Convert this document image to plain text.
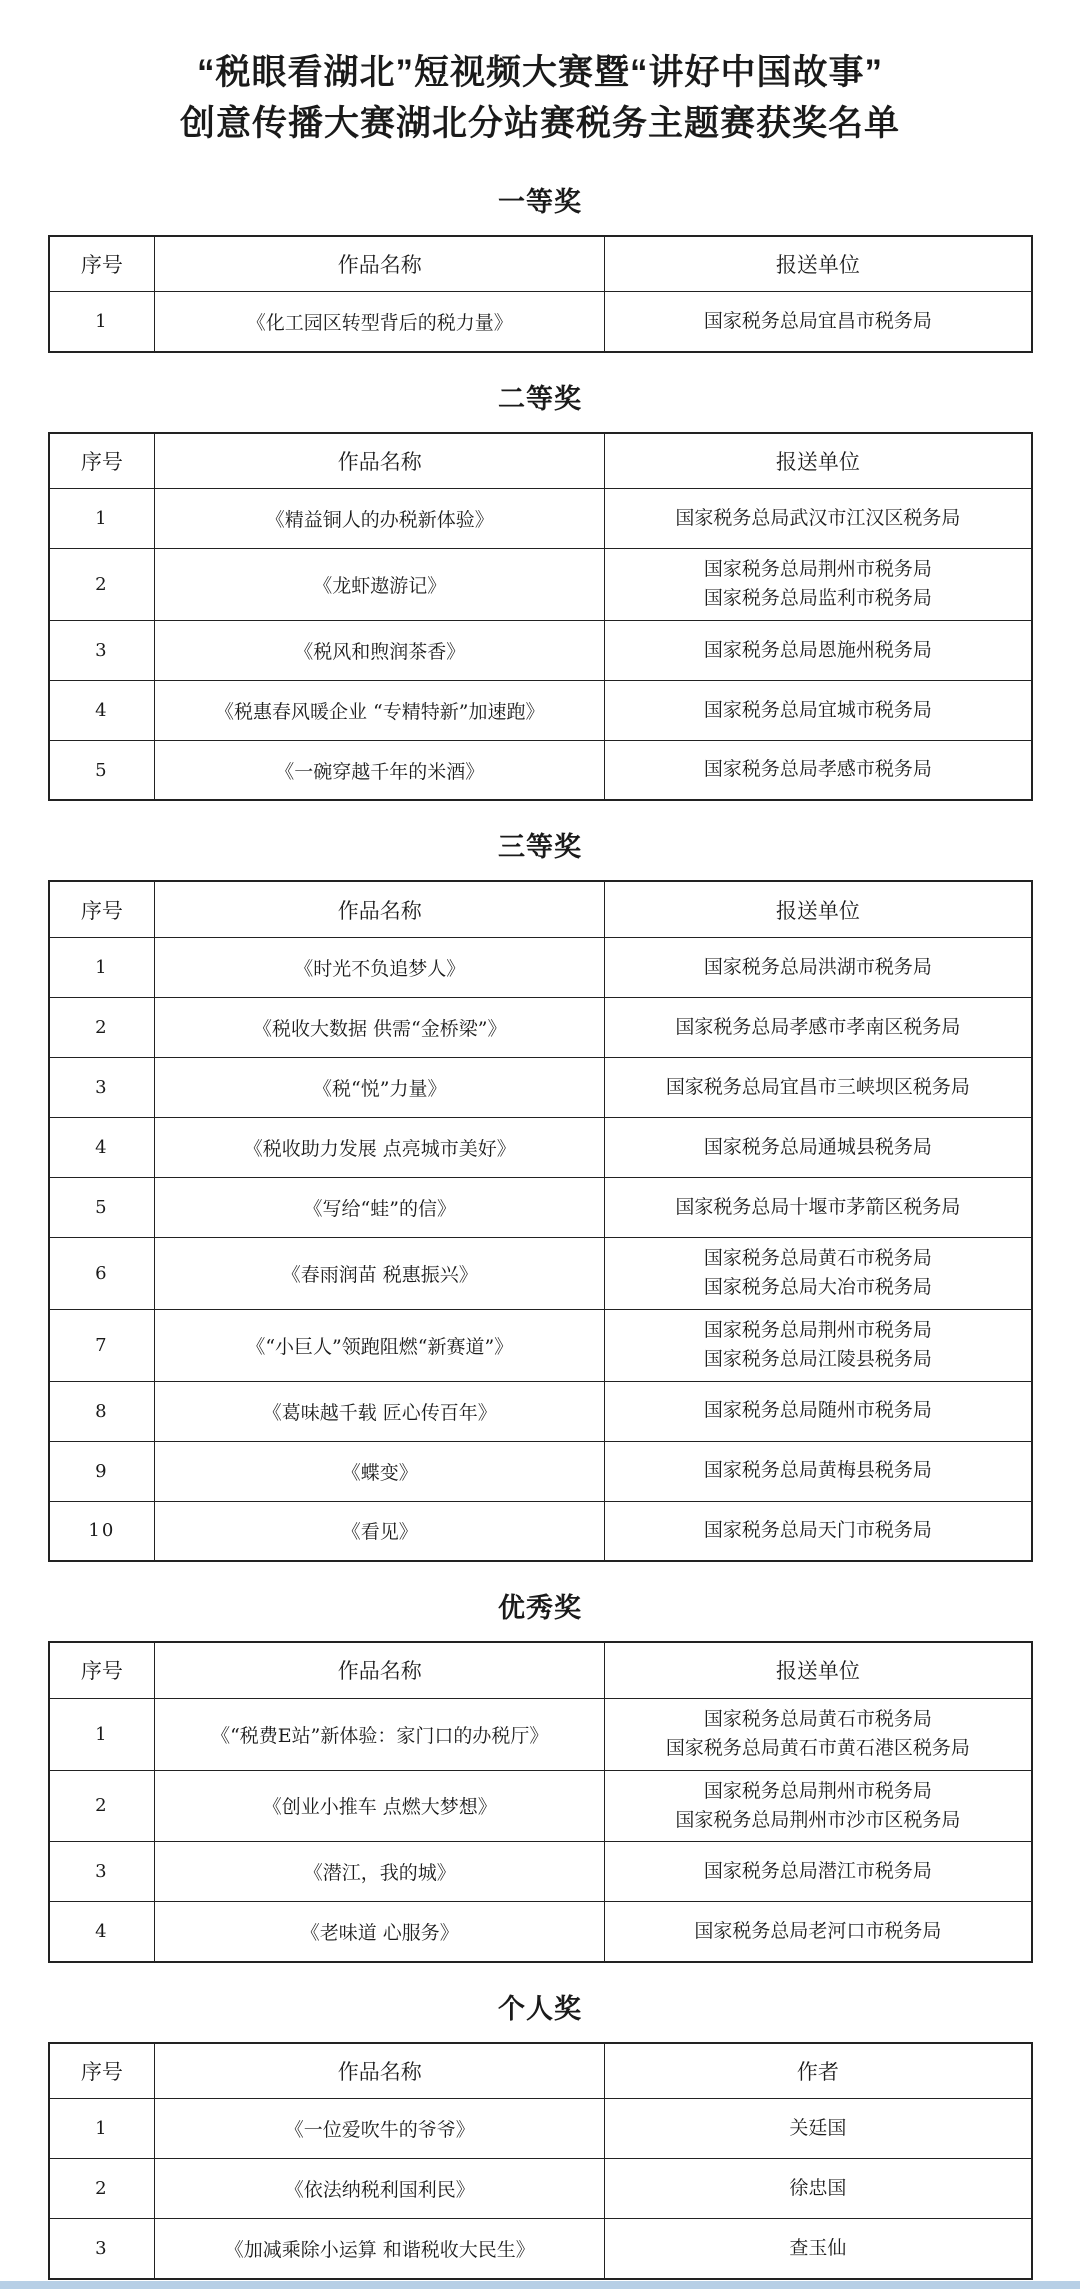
“税眼看湖北”短视频大赛暨“讲好中国故事”
创意传播大赛湖北分站赛税务主题赛获奖名单
一等奖
序号	作品名称	报送单位
1	《化工园区转型背后的税力量》	国家税务总局宜昌市税务局
二等奖
序号	作品名称	报送单位
1	《精益铜人的办税新体验》	国家税务总局武汉市江汉区税务局

2	《龙虾遨游记》	国家税务总局荆州市税务局
国家税务总局监利市税务局

3	《税风和煦润茶香》	国家税务总局恩施州税务局

4	《税惠春风暖企业 “专精特新”加速跑》	国家税务总局宜城市税务局

5	《一碗穿越千年的米酒》	国家税务总局孝感市税务局
三等奖
序号	作品名称	报送单位
1	《时光不负追梦人》	国家税务总局洪湖市税务局

2	《税收大数据 供需“金桥梁”》	国家税务总局孝感市孝南区税务局

3	《税“悦”力量》	国家税务总局宜昌市三峡坝区税务局

4	《税收助力发展 点亮城市美好》	国家税务总局通城县税务局

5	《写给“蛙”的信》	国家税务总局十堰市茅箭区税务局

6	《春雨润苗 税惠振兴》	国家税务总局黄石市税务局
国家税务总局大冶市税务局

7	《“小巨人”领跑阻燃“新赛道”》	国家税务总局荆州市税务局
国家税务总局江陵县税务局

8	《葛味越千载 匠心传百年》	国家税务总局随州市税务局

9	《蝶变》	国家税务总局黄梅县税务局

10	《看见》	国家税务总局天门市税务局
优秀奖
序号	作品名称	报送单位
1	《“税费E站”新体验：家门口的办税厅》	国家税务总局黄石市税务局
国家税务总局黄石市黄石港区税务局

2	《创业小推车 点燃大梦想》	国家税务总局荆州市税务局
国家税务总局荆州市沙市区税务局

3	《潜江，我的城》	国家税务总局潜江市税务局

4	《老味道 心服务》	国家税务总局老河口市税务局
个人奖
序号	作品名称	作者
1	《一位爱吹牛的爷爷》	关廷国

2	《依法纳税利国利民》	徐忠国

3	《加减乘除小运算 和谐税收大民生》	查玉仙
